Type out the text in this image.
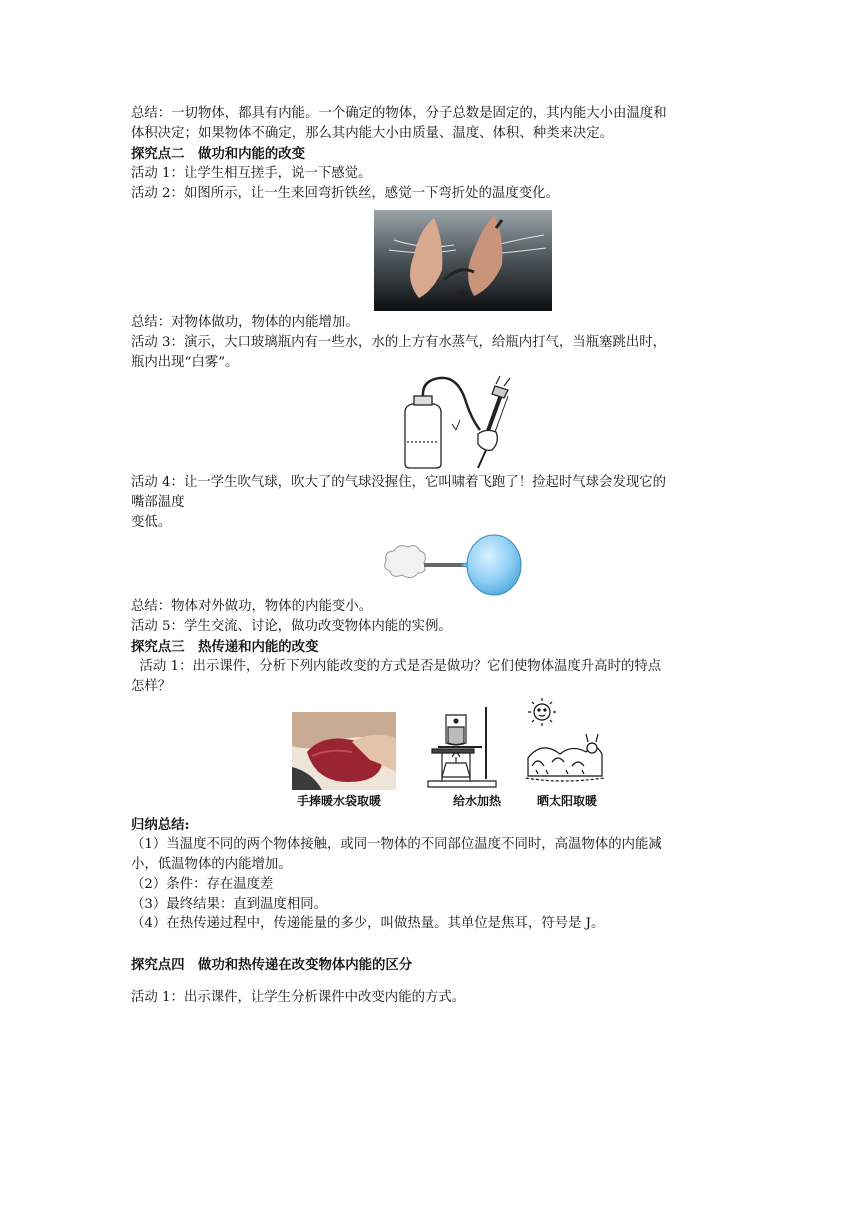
总结：一切物体，都具有内能。一个确定的物体，分子总数是固定的，其内能大小由温度和
体积决定；如果物体不确定，那么其内能大小由质量、温度、体积、种类来决定。
探究点二　做功和内能的改变
活动 1：让学生相互搓手，说一下感觉。
活动 2：如图所示，让一生来回弯折铁丝，感觉一下弯折处的温度变化。
总结：对物体做功，物体的内能增加。
活动 3：演示，大口玻璃瓶内有一些水，水的上方有水蒸气，给瓶内打气，当瓶塞跳出时，
瓶内出现“白雾”。
活动 4：让一学生吹气球，吹大了的气球没握住，它叫啸着飞跑了！捡起时气球会发现它的
嘴部温度
变低。
总结：物体对外做功，物体的内能变小。
活动 5：学生交流、讨论，做功改变物体内能的实例。
探究点三　热传递和内能的改变
活动 1：出示课件，分析下列内能改变的方式是否是做功？它们使物体温度升高时的特点
怎样？
手捧暖水袋取暖	给水加热	晒太阳取暖
归纳总结:
（1）当温度不同的两个物体接触，或同一物体的不同部位温度不同时，高温物体的内能减
小，低温物体的内能增加。
（2）条件：存在温度差
（3）最终结果：直到温度相同。
（4）在热传递过程中，传递能量的多少，叫做热量。其单位是焦耳，符号是 J。
探究点四　做功和热传递在改变物体内能的区分
活动 1：出示课件，让学生分析课件中改变内能的方式。
